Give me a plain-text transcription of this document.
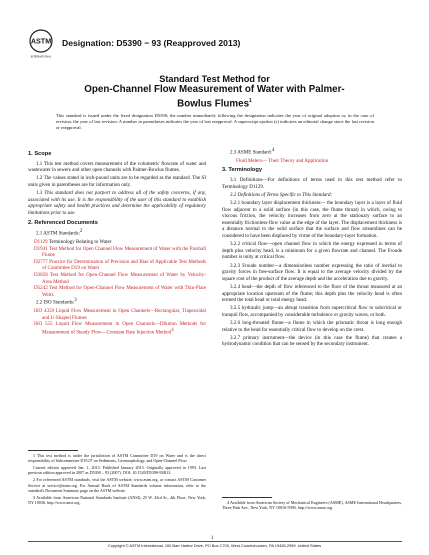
ASTM
INTERNATIONAL
Designation: D5390 − 93 (Reapproved 2013)
Standard Test Method for
Open-Channel Flow Measurement of Water with Palmer-
Bowlus Flumes$^1$
This standard is issued under the fixed designation D5390; the number immediately following the designation indicates the year of original adoption or, in the case of revision, the year of last revision. A number in parentheses indicates the year of last reapproval. A superscript epsilon (ε) indicates an editorial change since the last revision or reapproval.
1. Scope

1.1 This test method covers measurement of the volumetric flowrate of water and wastewater in sewers and other open channels with Palmer-Bowlus flumes.

1.2 The values stated in inch-pound units are to be regarded as the standard. The SI units given in parentheses are for information only.

1.3 This standard does not purport to address all of the safety concerns, if any, associated with its use. It is the responsibility of the user of this standard to establish appropriate safety and health practices and determine the applicability of regulatory limitations prior to use.

2. Referenced Documents

2.1 ASTM Standards:$^2$

D1129 Terminology Relating to Water

D1941 Test Method for Open Channel Flow Measurement of Water with the Parshall Flume

D2777 Practice for Determination of Precision and Bias of Applicable Test Methods of Committee D19 on Water

D3858 Test Method for Open-Channel Flow Measurement of Water by Velocity-Area Method

D5242 Test Method for Open-Channel Flow Measurement of Water with Thin-Plate Weirs

2.2 ISO Standards:$^3$

ISO 4359 Liquid Flow Measurement in Open Channels—Rectangular, Trapezoidal and U-Shaped Flumes

ISO 555 Liquid Flow Measurement in Open Channels—Dilution Methods for Measurement of Steady Flow—Constant Rate Injection Method$^4$

1 This test method is under the jurisdiction of ASTM Committee D19 on Water and is the direct responsibility of Subcommittee D19.07 on Sediments, Geomorphology, and Open-Channel Flow.

Current edition approved Jan. 1, 2013. Published January 2013. Originally approved in 1993. Last previous edition approved in 2007 as D5390 – 93 (2007). DOI: 10.1520/D5390-93R13.

2 For referenced ASTM standards, visit the ASTM website, www.astm.org, or contact ASTM Customer Service at service@astm.org. For Annual Book of ASTM Standards volume information, refer to the standard's Document Summary page on the ASTM website.

3 Available from American National Standards Institute (ANSI), 25 W. 43rd St., 4th Floor, New York, NY 10036, http://www.ansi.org.

2.3 ASME Standard:$^4$

Fluid Meters— Their Theory and Application

3. Terminology

3.1 Definitions—For definitions of terms used in this test method refer to Terminology D1129.

3.2 Definitions of Terms Specific to This Standard:

3.2.1 boundary layer displacement thickness— the boundary layer is a layer of fluid flow adjacent to a solid surface (in this case, the flume throat) in which, owing to viscous friction, the velocity increases from zero at the stationary surface to an essentially frictionless-flow value at the edge of the layer. The displacement thickness is a distance normal to the solid surface that the surface and flow streamlines can be considered to have been displaced by virtue of the boundary-layer formation.

3.2.2 critical flow—open channel flow in which the energy expressed in terms of depth plus velocity head, is a minimum for a given flowrate and channel. The Froude number is unity at critical flow.

3.2.3 Froude number—a dimensionless number expressing the ratio of inertial to gravity forces in free-surface flow. It is equal to the average velocity divided by the square root of the product of the average depth and the acceleration due to gravity.

3.2.4 head—the depth of flow referenced to the floor of the throat measured at an appropriate location upstream of the flume; this depth plus the velocity head is often termed the total head or total energy head.

3.2.5 hydraulic jump—an abrupt transition from supercritical flow to subcritical or tranquil flow, accompanied by considerable turbulence or gravity waves, or both.

3.2.6 long-throated flume—a flume in which the prismatic throat is long enough relative to the head for essentially critical flow to develop on the crest.

3.2.7 primary instrument—the device (in this case the flume) that creates a hydrodynamic condition that can be sensed by the secondary instrument.

4 Available from American Society of Mechanical Engineers (ASME), ASME International Headquarters, Three Park Ave., New York, NY 10016-5990, http://www.asme.org.

1
Copyright © ASTM International, 100 Barr Harbor Drive, PO Box C700, West Conshohocken, PA 19428-2959. United States
